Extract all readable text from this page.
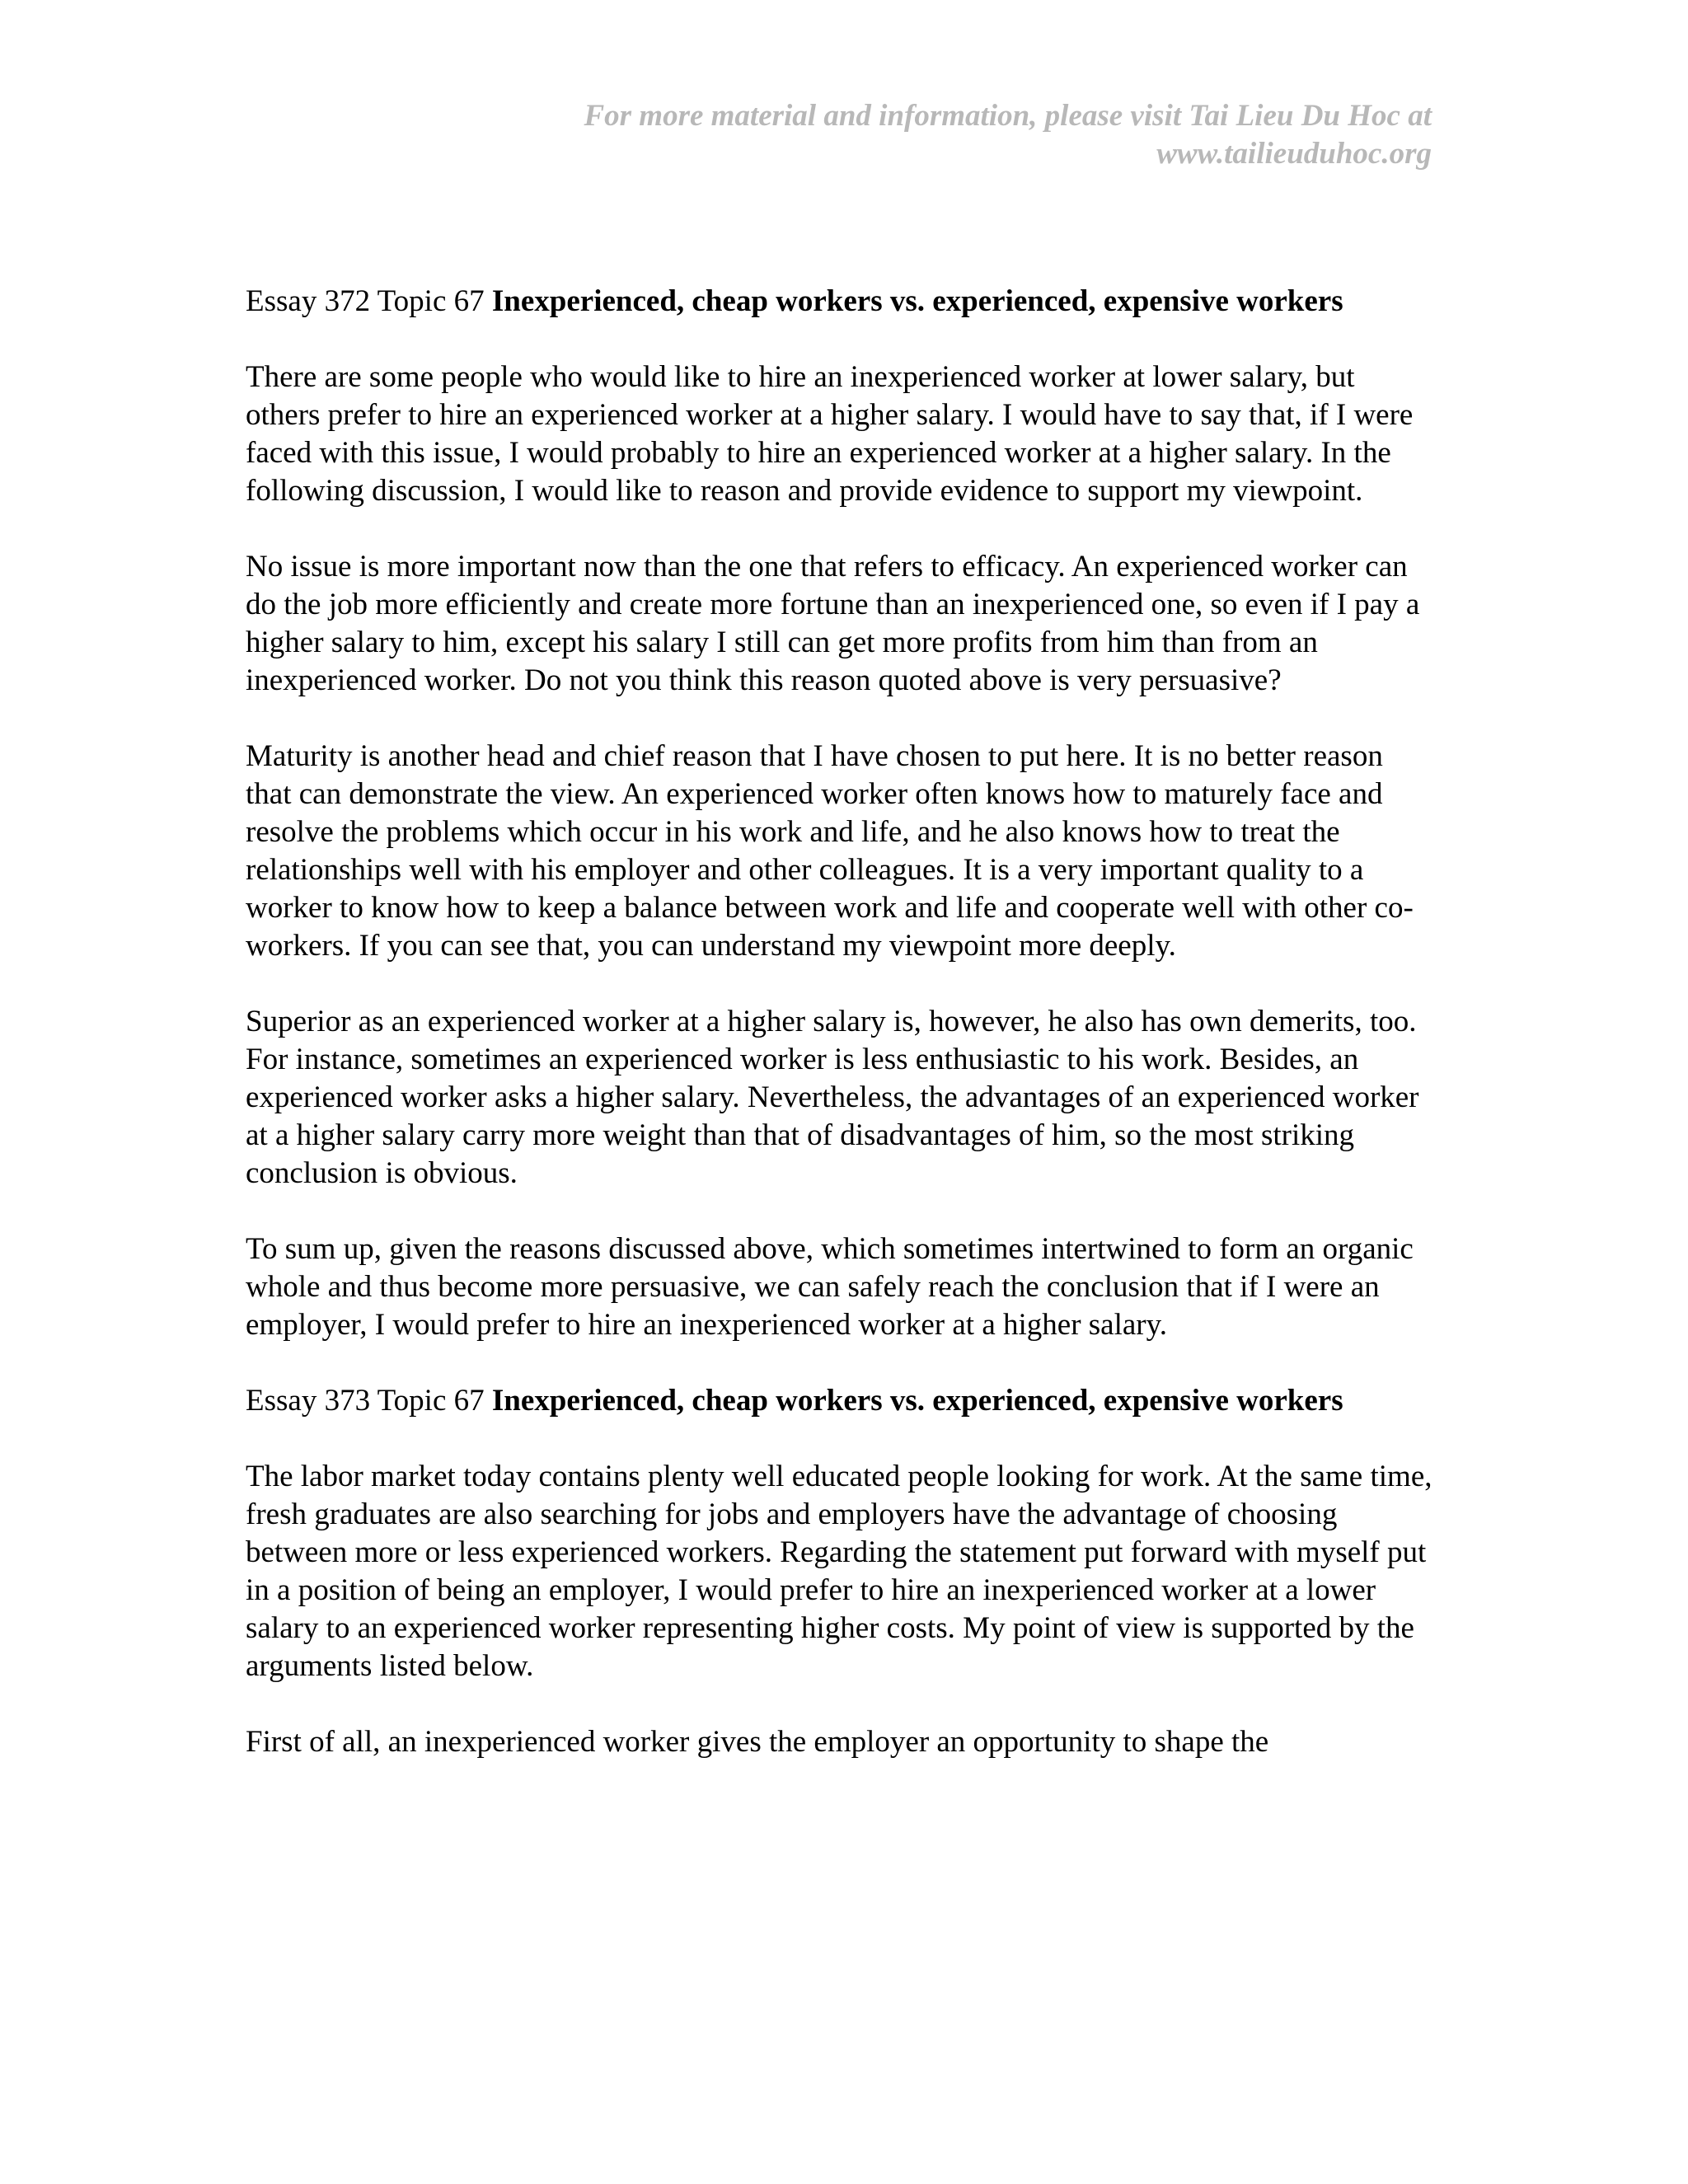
For more material and information, please visit Tai Lieu Du Hoc at
www.tailieuduhoc.org

Essay 372 Topic 67 Inexperienced, cheap workers vs. experienced, expensive workers

There are some people who would like to hire an inexperienced worker at lower salary, but others prefer to hire an experienced worker at a higher salary. I would have to say that, if I were faced with this issue, I would probably to hire an experienced worker at a higher salary. In the following discussion, I would like to reason and provide evidence to support my viewpoint.

No issue is more important now than the one that refers to efficacy. An experienced worker can do the job more efficiently and create more fortune than an inexperienced one, so even if I pay a higher salary to him, except his salary I still can get more profits from him than from an inexperienced worker. Do not you think this reason quoted above is very persuasive?

Maturity is another head and chief reason that I have chosen to put here. It is no better reason that can demonstrate the view. An experienced worker often knows how to maturely face and resolve the problems which occur in his work and life, and he also knows how to treat the relationships well with his employer and other colleagues. It is a very important quality to a worker to know how to keep a balance between work and life and cooperate well with other co-workers. If you can see that, you can understand my viewpoint more deeply.

Superior as an experienced worker at a higher salary is, however, he also has own demerits, too. For instance, sometimes an experienced worker is less enthusiastic to his work. Besides, an experienced worker asks a higher salary. Nevertheless, the advantages of an experienced worker at a higher salary carry more weight than that of disadvantages of him, so the most striking conclusion is obvious.

To sum up, given the reasons discussed above, which sometimes intertwined to form an organic whole and thus become more persuasive, we can safely reach the conclusion that if I were an employer, I would prefer to hire an inexperienced worker at a higher salary.

Essay 373 Topic 67 Inexperienced, cheap workers vs. experienced, expensive workers

The labor market today contains plenty well educated people looking for work. At the same time, fresh graduates are also searching for jobs and employers have the advantage of choosing between more or less experienced workers. Regarding the statement put forward with myself put in a position of being an employer, I would prefer to hire an inexperienced worker at a lower salary to an experienced worker representing higher costs. My point of view is supported by the arguments listed below.

First of all, an inexperienced worker gives the employer an opportunity to shape the
